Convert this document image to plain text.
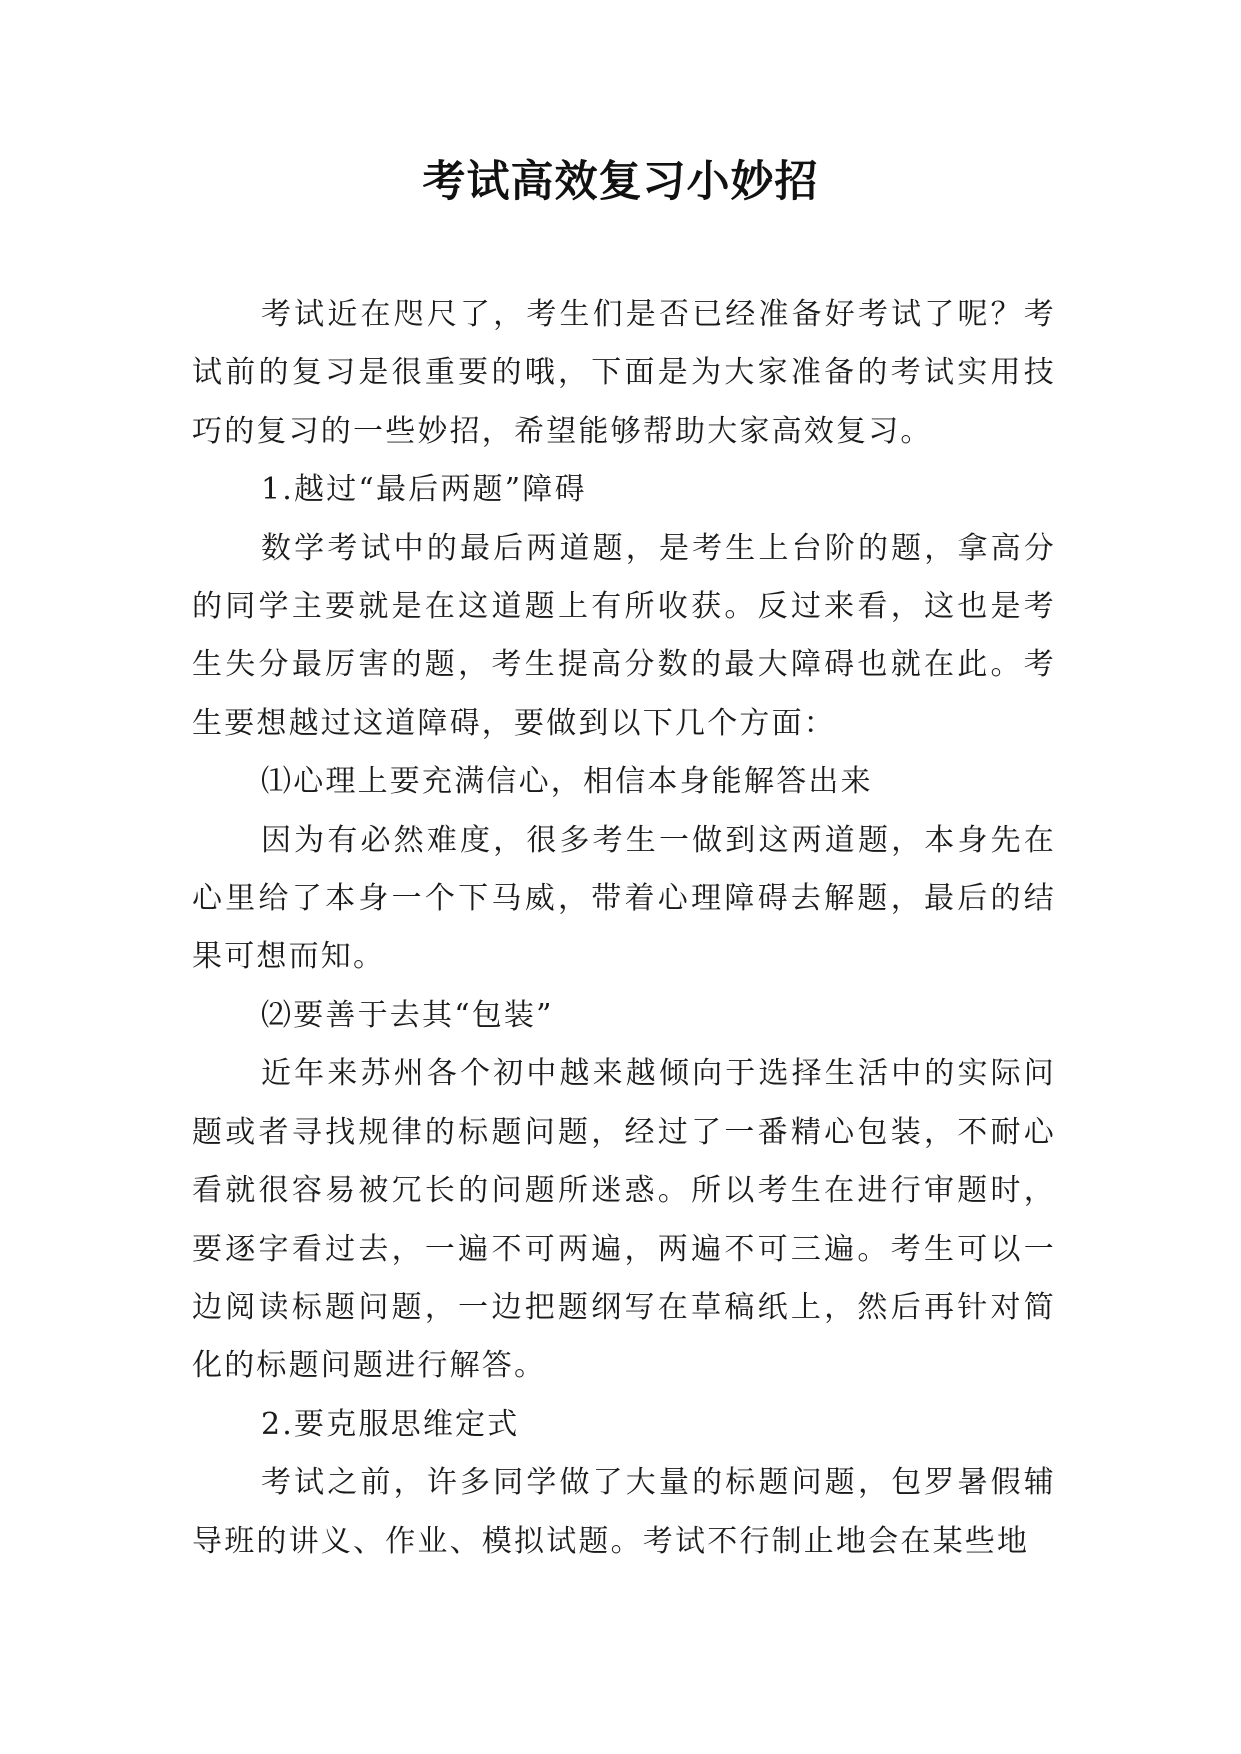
考试高效复习小妙招

考试近在咫尺了，考生们是否已经准备好考试了呢？考试前的复习是很重要的哦，下面是为大家准备的考试实用技巧的复习的一些妙招，希望能够帮助大家高效复习。

1.越过“最后两题”障碍

数学考试中的最后两道题，是考生上台阶的题，拿高分的同学主要就是在这道题上有所收获。反过来看，这也是考生失分最厉害的题，考生提高分数的最大障碍也就在此。考生要想越过这道障碍，要做到以下几个方面：

⑴心理上要充满信心，相信本身能解答出来

因为有必然难度，很多考生一做到这两道题，本身先在心里给了本身一个下马威，带着心理障碍去解题，最后的结果可想而知。

⑵要善于去其“包装”

近年来苏州各个初中越来越倾向于选择生活中的实际问题或者寻找规律的标题问题，经过了一番精心包装，不耐心看就很容易被冗长的问题所迷惑。所以考生在进行审题时，要逐字看过去，一遍不可两遍，两遍不可三遍。考生可以一边阅读标题问题，一边把题纲写在草稿纸上，然后再针对简化的标题问题进行解答。

2.要克服思维定式

考试之前，许多同学做了大量的标题问题，包罗暑假辅导班的讲义、作业、模拟试题。考试不行制止地会在某些地
